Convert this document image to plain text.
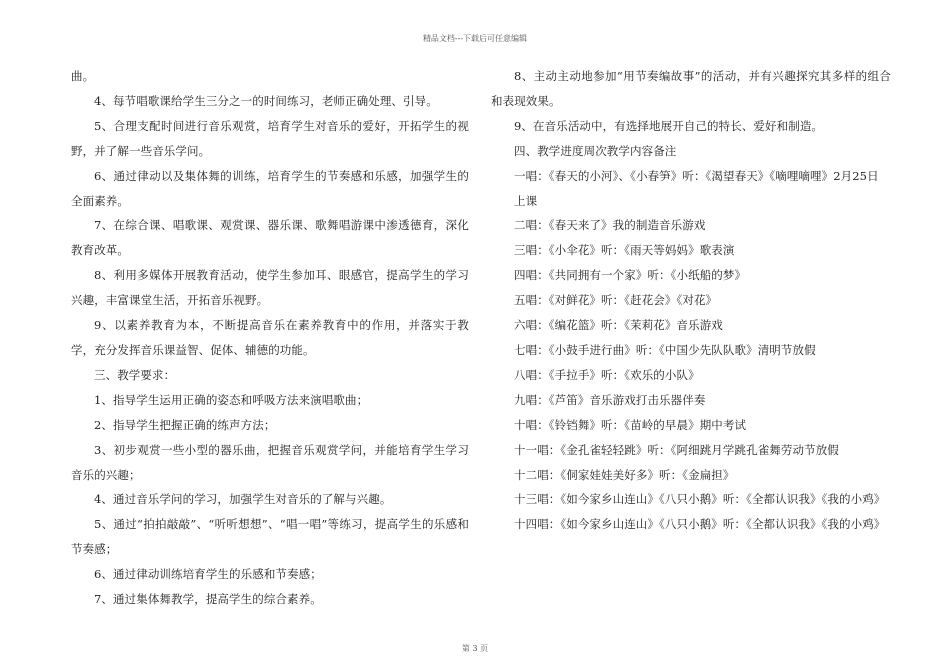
精品文档---下载后可任意编辑

曲。

4、每节唱歌课给学生三分之一的时间练习，老师正确处理、引导。

5、合理支配时间进行音乐观赏，培育学生对音乐的爱好，开拓学生的视野，并了解一些音乐学问。

6、通过律动以及集体舞的训练，培育学生的节奏感和乐感，加强学生的全面素养。

7、在综合课、唱歌课、观赏课、器乐课、歌舞唱游课中渗透德育，深化教育改革。

8、利用多媒体开展教育活动，使学生参加耳、眼感官，提高学生的学习兴趣，丰富课堂生活，开拓音乐视野。

9、以素养教育为本，不断提高音乐在素养教育中的作用，并落实于教学，充分发挥音乐课益智、促体、辅德的功能。

三、教学要求：

1、指导学生运用正确的姿态和呼吸方法来演唱歌曲；

2、指导学生把握正确的练声方法；

3、初步观赏一些小型的器乐曲，把握音乐观赏学问，并能培育学生学习音乐的兴趣；

4、通过音乐学问的学习，加强学生对音乐的了解与兴趣。

5、通过“拍拍敲敲”、“听听想想”、“唱一唱”等练习，提高学生的乐感和节奏感；

6、通过律动训练培育学生的乐感和节奏感；

7、通过集体舞教学，提高学生的综合素养。

8、主动主动地参加“用节奏编故事”的活动，并有兴趣探究其多样的组合和表现效果。

9、在音乐活动中，有选择地展开自己的特长、爱好和制造。

四、教学进度周次教学内容备注

一唱：《春天的小河》、《小春笋》听：《渴望春天》《嘀哩嘀哩》2月25日

上课

二唱：《春天来了》我的制造音乐游戏

三唱：《小伞花》听：《雨天等妈妈》歌表演

四唱：《共同拥有一个家》听：《小纸船的梦》

五唱：《对鲜花》听：《赶花会》《对花》

六唱：《编花篮》听：《茉莉花》音乐游戏

七唱：《小鼓手进行曲》听：《中国少先队队歌》清明节放假

八唱：《手拉手》听：《欢乐的小队》

九唱：《芦笛》音乐游戏打击乐器伴奏

十唱：《铃铛舞》听：《苗岭的早晨》期中考试

十一唱：《金孔雀轻轻跳》听：《阿细跳月学跳孔雀舞劳动节放假

十二唱：《侗家娃娃美好多》听：《金扁担》

十三唱：《如今家乡山连山》《八只小鹅》听：《全都认识我》《我的小鸡》

十四唱：《如今家乡山连山》《八只小鹅》听：《全都认识我》《我的小鸡》

第 3 页
